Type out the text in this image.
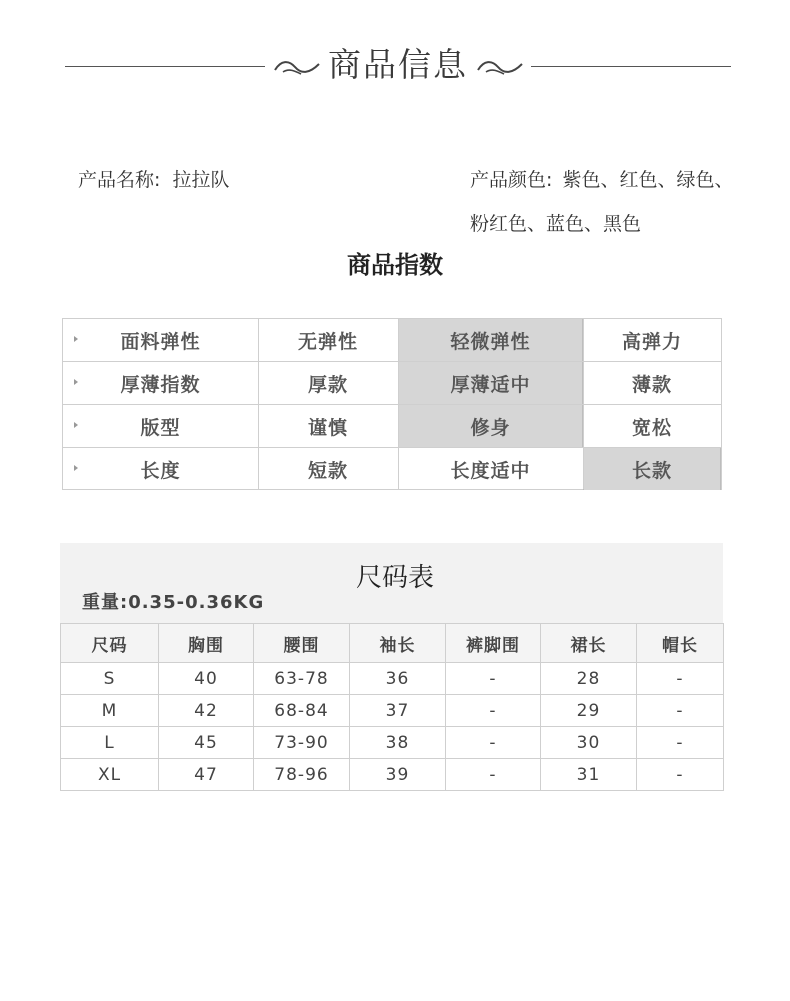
商品信息
产品名称: 拉拉队	产品颜色: 紫色、红色、绿色、
粉红色、蓝色、黑色
商品指数
面料弹性	无弹性	轻微弹性	高弹力
厚薄指数	厚款	厚薄适中	薄款
版型	谨慎	修身	宽松
长度	短款	长度适中	长款
尺码表
重量:0.35-0.36KG
尺码	胸围	腰围	袖长	裤脚围	裙长	帽长
S	40	63-78	36	-	28	-
M	42	68-84	37	-	29	-
L	45	73-90	38	-	30	-
XL	47	78-96	39	-	31	-
